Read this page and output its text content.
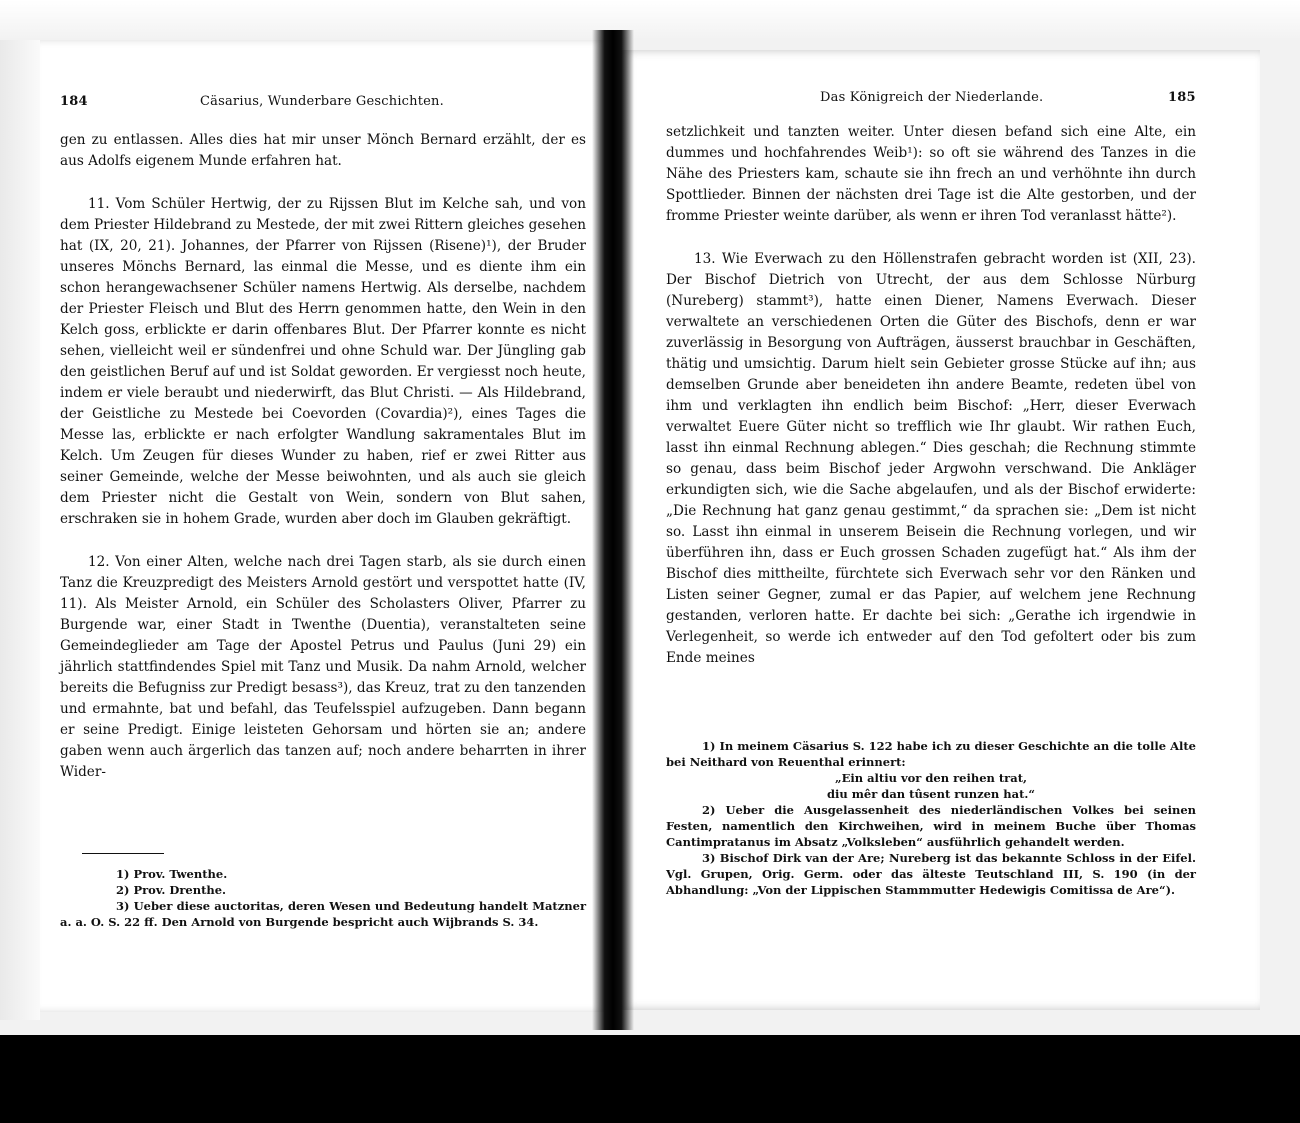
184	Cäsarius, Wunderbare Geschichten.

gen zu entlassen. Alles dies hat mir unser Mönch Bernard erzählt, der es aus Adolfs eigenem Munde erfahren hat.

11. Vom Schüler Hertwig, der zu Rijssen Blut im Kelche sah, und von dem Priester Hildebrand zu Mestede, der mit zwei Rittern gleiches gesehen hat (IX, 20, 21). Johannes, der Pfarrer von Rijssen (Risene)¹), der Bruder unseres Mönchs Bernard, las einmal die Messe, und es diente ihm ein schon herangewachsener Schüler namens Hertwig. Als derselbe, nachdem der Priester Fleisch und Blut des Herrn genommen hatte, den Wein in den Kelch goss, erblickte er darin offenbares Blut. Der Pfarrer konnte es nicht sehen, vielleicht weil er sündenfrei und ohne Schuld war. Der Jüngling gab den geistlichen Beruf auf und ist Soldat geworden. Er vergiesst noch heute, indem er viele beraubt und niederwirft, das Blut Christi. — Als Hildebrand, der Geistliche zu Mestede bei Coevorden (Covardia)²), eines Tages die Messe las, erblickte er nach erfolgter Wandlung sakramentales Blut im Kelch. Um Zeugen für dieses Wunder zu haben, rief er zwei Ritter aus seiner Gemeinde, welche der Messe beiwohnten, und als auch sie gleich dem Priester nicht die Gestalt von Wein, sondern von Blut sahen, erschraken sie in hohem Grade, wurden aber doch im Glauben gekräftigt.

12. Von einer Alten, welche nach drei Tagen starb, als sie durch einen Tanz die Kreuzpredigt des Meisters Arnold gestört und verspottet hatte (IV, 11). Als Meister Arnold, ein Schüler des Scholasters Oliver, Pfarrer zu Burgende war, einer Stadt in Twenthe (Duentia), veranstalteten seine Gemeindeglieder am Tage der Apostel Petrus und Paulus (Juni 29) ein jährlich stattfindendes Spiel mit Tanz und Musik. Da nahm Arnold, welcher bereits die Befugniss zur Predigt besass³), das Kreuz, trat zu den tanzenden und ermahnte, bat und befahl, das Teufelsspiel aufzugeben. Dann begann er seine Predigt. Einige leisteten Gehorsam und hörten sie an; andere gaben wenn auch ärgerlich das tanzen auf; noch andere beharrten in ihrer Wider-

1) Prov. Twenthe.

2) Prov. Drenthe.

3) Ueber diese auctoritas, deren Wesen und Bedeutung handelt Matzner a. a. O. S. 22 ff. Den Arnold von Burgende bespricht auch Wijbrands S. 34.

Das Königreich der Niederlande.	185

setzlichkeit und tanzten weiter. Unter diesen befand sich eine Alte, ein dummes und hochfahrendes Weib¹): so oft sie während des Tanzes in die Nähe des Priesters kam, schaute sie ihn frech an und verhöhnte ihn durch Spottlieder. Binnen der nächsten drei Tage ist die Alte gestorben, und der fromme Priester weinte darüber, als wenn er ihren Tod veranlasst hätte²).

13. Wie Everwach zu den Höllenstrafen gebracht worden ist (XII, 23). Der Bischof Dietrich von Utrecht, der aus dem Schlosse Nürburg (Nureberg) stammt³), hatte einen Diener, Namens Everwach. Dieser verwaltete an verschiedenen Orten die Güter des Bischofs, denn er war zuverlässig in Besorgung von Aufträgen, äusserst brauchbar in Geschäften, thätig und umsichtig. Darum hielt sein Gebieter grosse Stücke auf ihn; aus demselben Grunde aber beneideten ihn andere Beamte, redeten übel von ihm und verklagten ihn endlich beim Bischof: „Herr, dieser Everwach verwaltet Euere Güter nicht so trefflich wie Ihr glaubt. Wir rathen Euch, lasst ihn einmal Rechnung ablegen.“ Dies geschah; die Rechnung stimmte so genau, dass beim Bischof jeder Argwohn verschwand. Die Ankläger erkundigten sich, wie die Sache abgelaufen, und als der Bischof erwiderte: „Die Rechnung hat ganz genau gestimmt,“ da sprachen sie: „Dem ist nicht so. Lasst ihn einmal in unserem Beisein die Rechnung vorlegen, und wir überführen ihn, dass er Euch grossen Schaden zugefügt hat.“ Als ihm der Bischof dies mittheilte, fürchtete sich Everwach sehr vor den Ränken und Listen seiner Gegner, zumal er das Papier, auf welchem jene Rechnung gestanden, verloren hatte. Er dachte bei sich: „Gerathe ich irgendwie in Verlegenheit, so werde ich entweder auf den Tod gefoltert oder bis zum Ende meines

1) In meinem Cäsarius S. 122 habe ich zu dieser Geschichte an die tolle Alte bei Neithard von Reuenthal erinnert:

„Ein altiu vor den reihen trat,

diu mêr dan tûsent runzen hat.“

2) Ueber die Ausgelassenheit des niederländischen Volkes bei seinen Festen, namentlich den Kirchweihen, wird in meinem Buche über Thomas Cantimpratanus im Absatz „Volksleben“ ausführlich gehandelt werden.

3) Bischof Dirk van der Are; Nureberg ist das bekannte Schloss in der Eifel. Vgl. Grupen, Orig. Germ. oder das älteste Teutschland III, S. 190 (in der Abhandlung: „Von der Lippischen Stammmutter Hedewigis Comitissa de Are“).
